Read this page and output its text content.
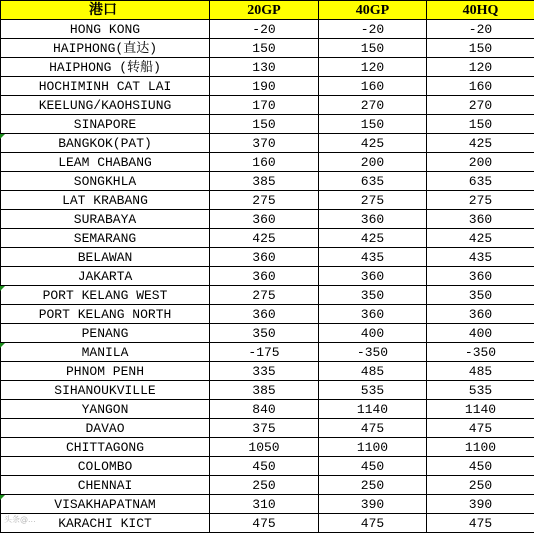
港口	20GP	40GP	40HQ
HONG KONG	-20	-20	-20
HAIPHONG(直达)	150	150	150
HAIPHONG (转船)	130	120	120
HOCHIMINH CAT LAI	190	160	160
KEELUNG/KAOHSIUNG	170	270	270
SINAPORE	150	150	150
BANGKOK(PAT)	370	425	425
LEAM CHABANG	160	200	200
SONGKHLA	385	635	635
LAT KRABANG	275	275	275
SURABAYA	360	360	360
SEMARANG	425	425	425
BELAWAN	360	435	435
JAKARTA	360	360	360
PORT KELANG WEST	275	350	350
PORT KELANG NORTH	360	360	360
PENANG	350	400	400
MANILA	-175	-350	-350
PHNOM PENH	335	485	485
SIHANOUKVILLE	385	535	535
YANGON	840	1140	1140
DAVAO	375	475	475
CHITTAGONG	1050	1100	1100
COLOMBO	450	450	450
CHENNAI	250	250	250
VISAKHAPATNAM	310	390	390
KARACHI KICT	475	475	475
头条@...
